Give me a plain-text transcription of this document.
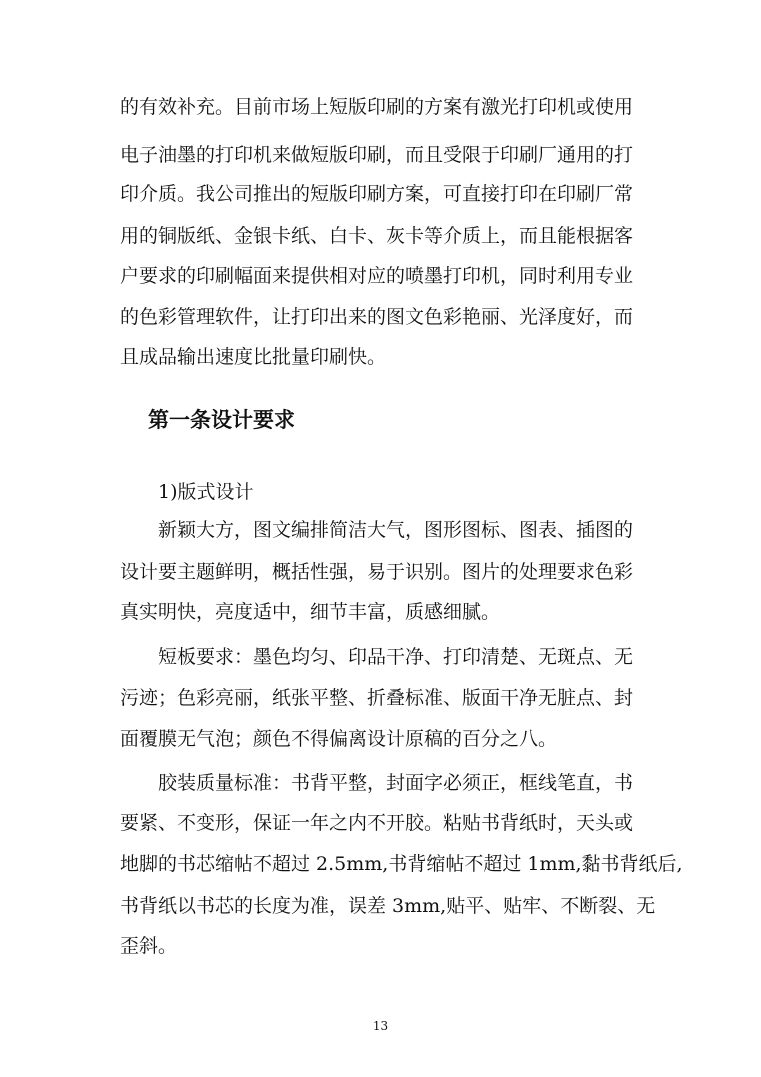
的有效补充。目前市场上短版印刷的方案有激光打印机或使用
电子油墨的打印机来做短版印刷，而且受限于印刷厂通用的打
印介质。我公司推出的短版印刷方案，可直接打印在印刷厂常
用的铜版纸、金银卡纸、白卡、灰卡等介质上，而且能根据客
户要求的印刷幅面来提供相对应的喷墨打印机，同时利用专业
的色彩管理软件，让打印出来的图文色彩艳丽、光泽度好，而
且成品输出速度比批量印刷快。
第一条设计要求
1)版式设计
新颖大方，图文编排简洁大气，图形图标、图表、插图的
设计要主题鲜明，概括性强，易于识别。图片的处理要求色彩
真实明快，亮度适中，细节丰富，质感细腻。
短板要求：墨色均匀、印品干净、打印清楚、无斑点、无
污迹；色彩亮丽，纸张平整、折叠标准、版面干净无脏点、封
面覆膜无气泡；颜色不得偏离设计原稿的百分之八。
胶装质量标准：书背平整，封面字必须正，框线笔直，书
要紧、不变形，保证一年之内不开胶。粘贴书背纸时，天头或
地脚的书芯缩帖不超过 2.5mm,书背缩帖不超过 1mm,黏书背纸后,
书背纸以书芯的长度为准，误差 3mm,贴平、贴牢、不断裂、无
歪斜。
13
